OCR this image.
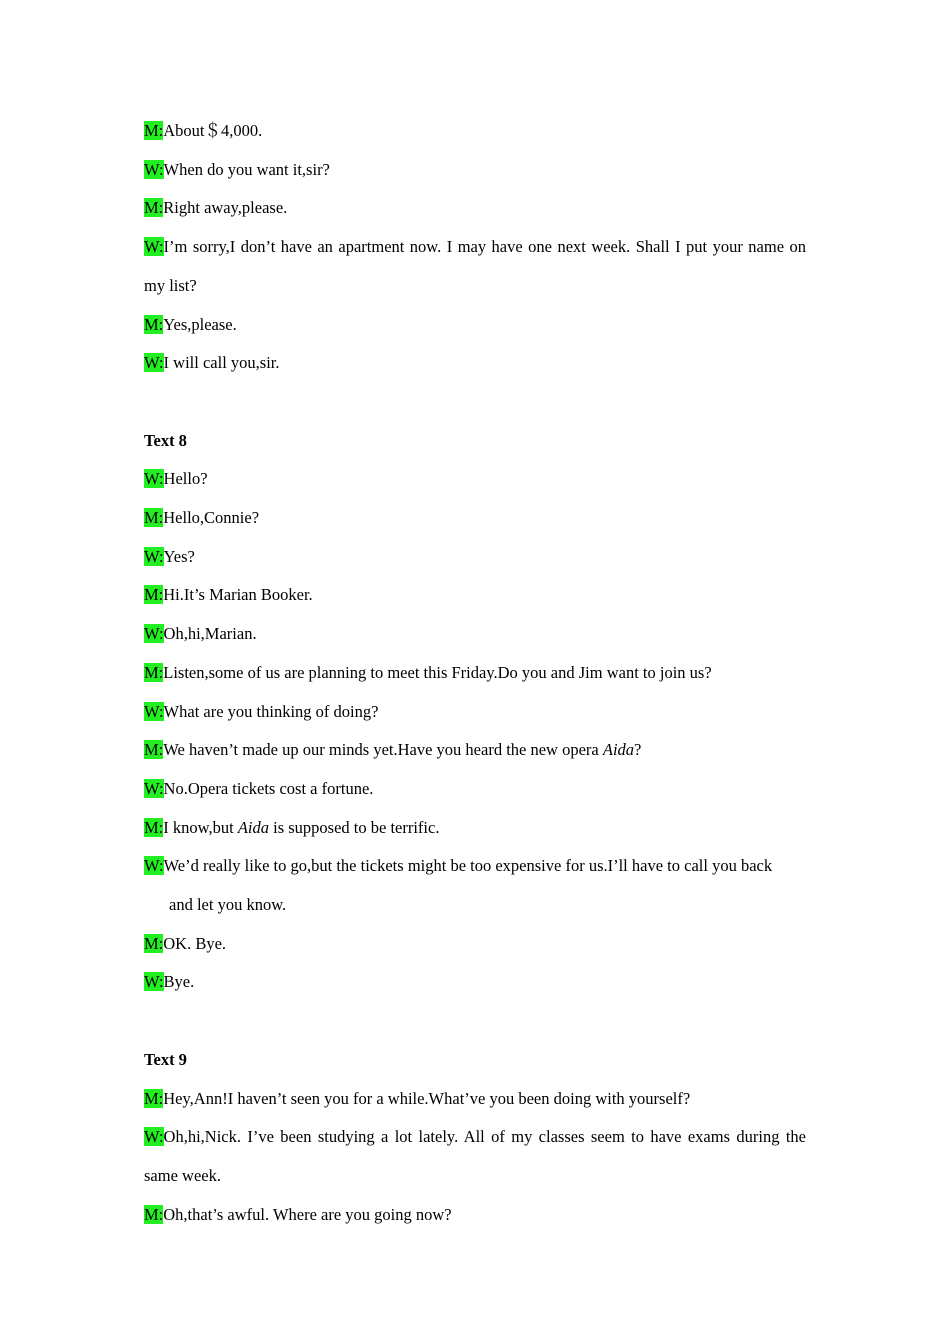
M:About＄4,000.
W:When do you want it,sir?
M:Right away,please.
W:I’m sorry,I don’t have an apartment now. I may have one next week. Shall I put your name on my list?
M:Yes,please.
W:I will call you,sir.
Text 8
W:Hello?
M:Hello,Connie?
W:Yes?
M:Hi.It’s Marian Booker.
W:Oh,hi,Marian.
M:Listen,some of us are planning to meet this Friday.Do you and Jim want to join us?
W:What are you thinking of doing?
M:We haven’t made up our minds yet.Have you heard the new opera Aida?
W:No.Opera tickets cost a fortune.
M:I know,but Aida is supposed to be terrific.
W:We’d really like to go,but the tickets might be too expensive for us.I’ll have to call you back
and let you know.
M:OK. Bye.
W:Bye.
Text 9
M:Hey,Ann!I haven’t seen you for a while.What’ve you been doing with yourself?
W:Oh,hi,Nick. I’ve been studying a lot lately. All of my classes seem to have exams during the same week.
M:Oh,that’s awful. Where are you going now?
